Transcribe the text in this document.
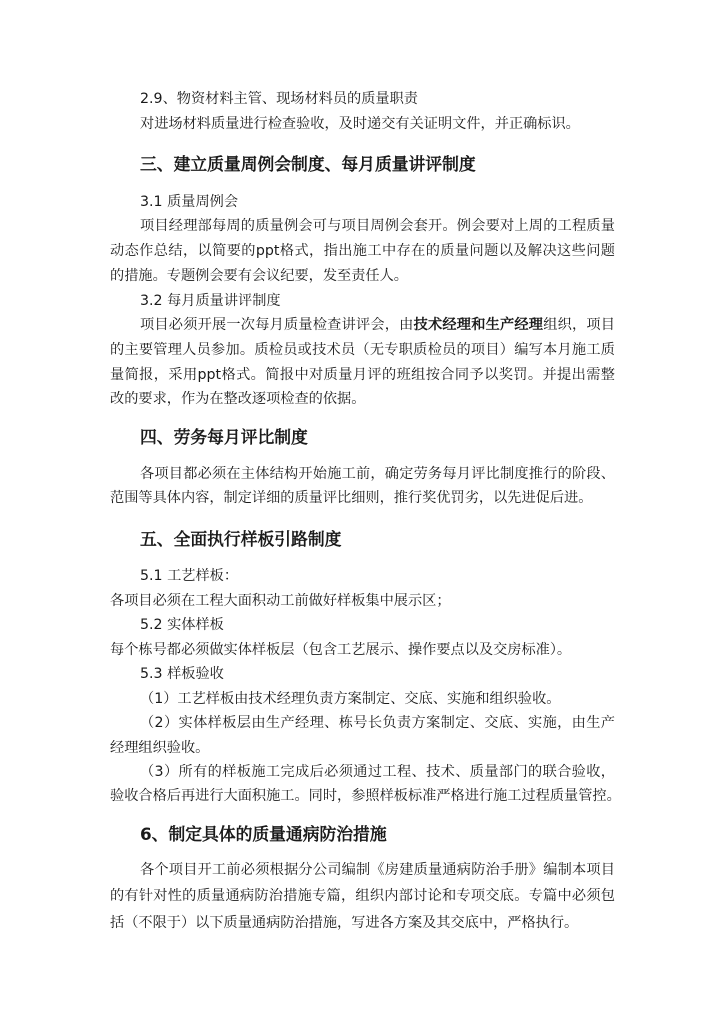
2.9、物资材料主管、现场材料员的质量职责

对进场材料质量进行检查验收，及时递交有关证明文件，并正确标识。

三、建立质量周例会制度、每月质量讲评制度

3.1 质量周例会

项目经理部每周的质量例会可与项目周例会套开。例会要对上周的工程质量

动态作总结，以简要的ppt格式，指出施工中存在的质量问题以及解决这些问题

的措施。专题例会要有会议纪要，发至责任人。

3.2 每月质量讲评制度

项目必须开展一次每月质量检查讲评会，由技术经理和生产经理组织，项目

的主要管理人员参加。质检员或技术员（无专职质检员的项目）编写本月施工质

量简报，采用ppt格式。简报中对质量月评的班组按合同予以奖罚。并提出需整

改的要求，作为在整改逐项检查的依据。

四、劳务每月评比制度

各项目都必须在主体结构开始施工前，确定劳务每月评比制度推行的阶段、

范围等具体内容，制定详细的质量评比细则，推行奖优罚劣，以先进促后进。

五、全面执行样板引路制度

5.1 工艺样板：

各项目必须在工程大面积动工前做好样板集中展示区；

5.2 实体样板

每个栋号都必须做实体样板层（包含工艺展示、操作要点以及交房标准）。

5.3 样板验收

（1）工艺样板由技术经理负责方案制定、交底、实施和组织验收。

（2）实体样板层由生产经理、栋号长负责方案制定、交底、实施，由生产

经理组织验收。

（3）所有的样板施工完成后必须通过工程、技术、质量部门的联合验收，

验收合格后再进行大面积施工。同时，参照样板标准严格进行施工过程质量管控。

6、制定具体的质量通病防治措施

各个项目开工前必须根据分公司编制《房建质量通病防治手册》编制本项目

的有针对性的质量通病防治措施专篇，组织内部讨论和专项交底。专篇中必须包

括（不限于）以下质量通病防治措施，写进各方案及其交底中，严格执行。
